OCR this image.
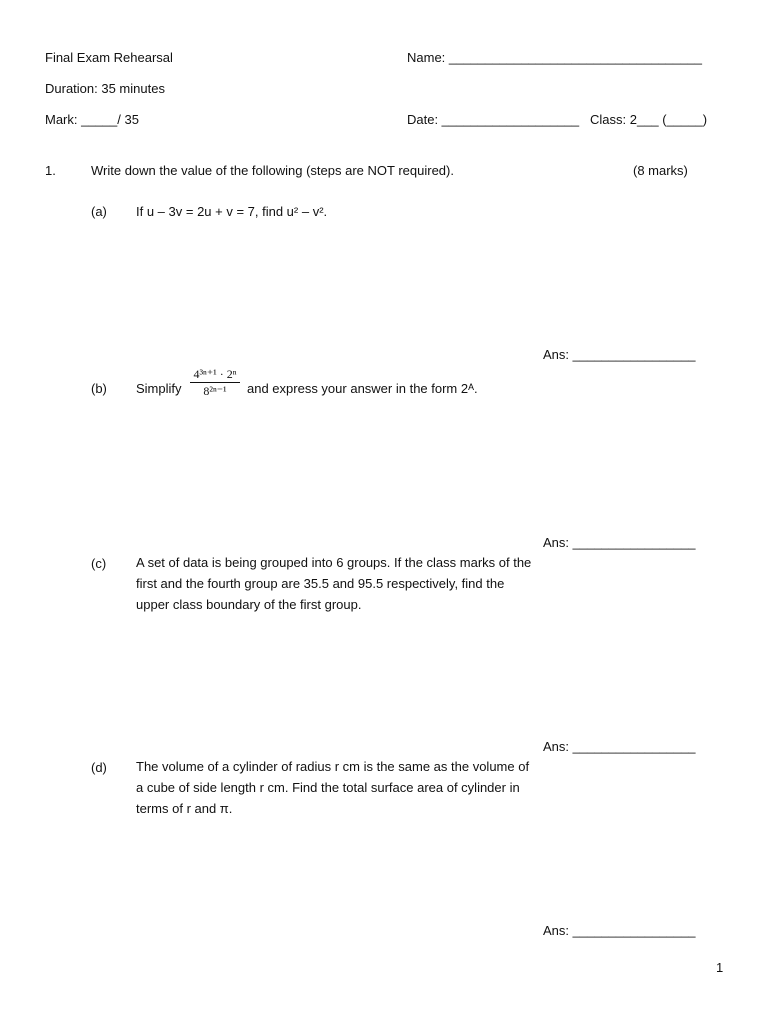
Final Exam Rehearsal
Duration: 35 minutes
Mark: _____/ 35
Name: ___________________________________
Date: ___________________ Class: 2___ (_____)
1.	Write down the value of the following (steps are NOT required).	(8 marks)
(a) If u – 3v = 2u + v = 7, find u² – v².
Ans: _________________
(b) Simplify
4³ⁿ⁺¹ · 2ⁿ
8²ⁿ⁻¹	and express your answer in the form 2ᴬ.
Ans: _________________
(c) A set of data is being grouped into 6 groups. If the class marks of the first and the fourth group are 35.5 and 95.5 respectively, find the upper class boundary of the first group.
Ans: _________________
(d) The volume of a cylinder of radius r cm is the same as the volume of a cube of side length r cm. Find the total surface area of cylinder in terms of r and π.
Ans: _________________
1
